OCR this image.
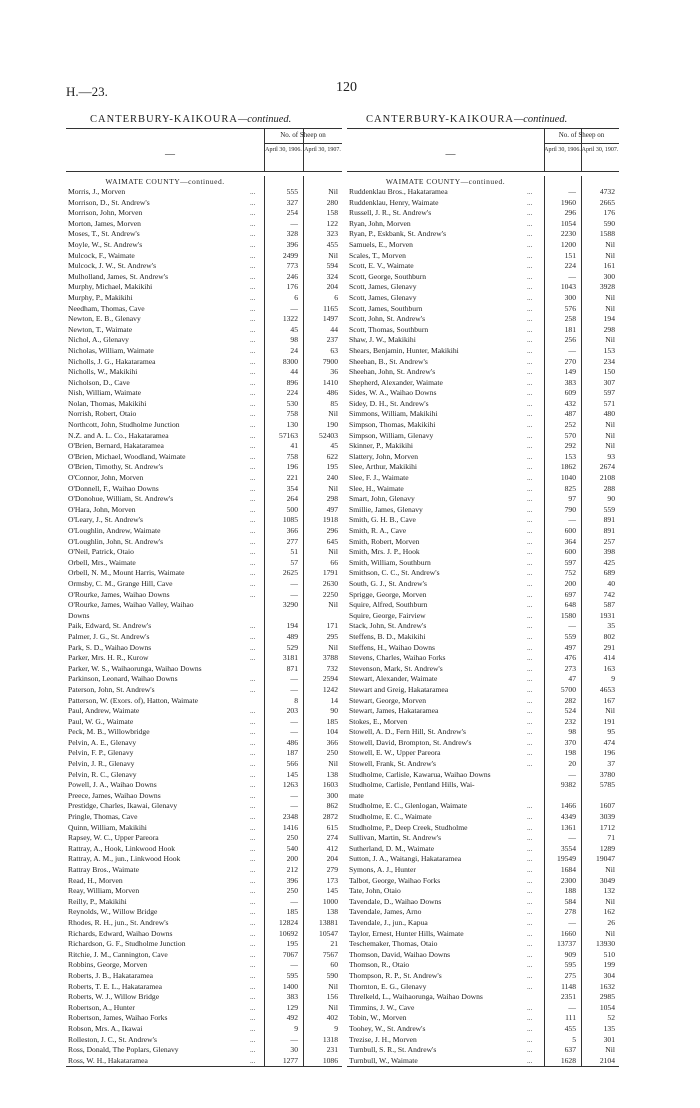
H.—23.	120
CANTERBURY-KAIKOURA—continued.	CANTERBURY-KAIKOURA—continued.
No. of Sheep on
—	April 30, 1906. April 30, 1907.
WAIMATE COUNTY—continued.
Morris, J., Morven	...	555	Nil
Morrison, D., St. Andrew's	...	327	280
Morrison, John, Morven	...	254	158
Morton, James, Morven	...	—	122
Moses, T., St. Andrew's	...	328	323
Moyle, W., St. Andrew's	...	396	455
Mulcock, F., Waimate	...	2499	Nil
Mulcock, J. W., St. Andrew's	...	773	594
Mulholland, James, St. Andrew's	...	246	324
Murphy, Michael, Makikihi	...	176	204
Murphy, P., Makikihi	...	6	6
Needham, Thomas, Cave	...	—	1165
Newton, E. B., Glenavy	...	1322	1497
Newton, T., Waimate	...	45	44
Nichol, A., Glenavy	...	98	237
Nicholas, William, Waimate	...	24	63
Nicholls, J. G., Hakataramea	...	8300	7900
Nicholls, W., Makikihi	...	44	36
Nicholson, D., Cave	...	896	1410
Nish, William, Waimate	...	224	486
Nolan, Thomas, Makikihi	...	530	85
Norrish, Robert, Otaio	...	758	Nil
Northcott, John, Studholme Junction	...	130	190
N.Z. and A. L. Co., Hakataramea	...	57163	52403
O'Brien, Bernard, Hakataramea	...	41	45
O'Brien, Michael, Woodland, Waimate	...	758	622
O'Brien, Timothy, St. Andrew's	...	196	195
O'Connor, John, Morven	...	221	240
O'Donnell, F., Waihao Downs	...	354	Nil
O'Donohue, William, St. Andrew's	...	264	298
O'Hara, John, Morven	...	500	497
O'Leary, J., St. Andrew's	...	1085	1918
O'Loughlin, Andrew, Waimate	...	366	296
O'Loughlin, John, St. Andrew's	...	277	645
O'Neil, Patrick, Otaio	...	51	Nil
Orbell, Mrs., Waimate	...	57	66
Orbell, N. M., Mount Harris, Waimate	...	2625	1791
Ormsby, C. M., Grange Hill, Cave	...	—	2630
O'Rourke, James, Waihao Downs	...	—	2250
O'Rourke, James, Waihao Valley, Waihao	3290	Nil
Downs
Paik, Edward, St. Andrew's	...	194	171
Palmer, J. G., St. Andrew's	...	489	295
Park, S. D., Waihao Downs	...	529	Nil
Parker, Mrs. H. R., Kurow	...	3181	3788
Parker, W. S., Waihaorunga, Waihao Downs	871	732
Parkinson, Leonard, Waihao Downs	...	—	2594
Paterson, John, St. Andrew's	...	—	1242
Patterson, W. (Exors. of), Hatton, Waimate	8	14
Paul, Andrew, Waimate	...	203	90
Paul, W. G., Waimate	...	—	185
Peck, M. B., Willowbridge	...	—	104
Pelvin, A. E., Glenavy	...	486	366
Pelvin, F. P., Glenavy	...	187	250
Pelvin, J. R., Glenavy	...	566	Nil
Pelvin, R. C., Glenavy	...	145	138
Powell, J. A., Waihao Downs	...	1263	1603
Preece, James, Waihao Downs	...	—	300
Prestidge, Charles, Ikawai, Glenavy	...	—	862
Pringle, Thomas, Cave	...	2348	2872
Quinn, William, Makikihi	...	1416	615
Rapsey, W. C., Upper Pareora	...	250	274
Rattray, A., Hook, Linkwood Hook	...	540	412
Rattray, A. M., jun., Linkwood Hook	...	200	204
Rattray Bros., Waimate	...	212	279
Read, H., Morven	...	396	173
Reay, William, Morven	...	250	145
Reilly, P., Makikihi	...	—	1000
Reynolds, W., Willow Bridge	...	185	138
Rhodes, R. H., jun., St. Andrew's	...	12824	13881
Richards, Edward, Waihao Downs	...	10692	10547
Richardson, G. F., Studholme Junction	...	195	21
Ritchie, J. M., Cannington, Cave	...	7067	7567
Robbins, George, Morven	...	—	60
Roberts, J. B., Hakataramea	...	595	590
Roberts, T. E. L., Hakataramea	...	1400	Nil
Roberts, W. J., Willow Bridge	...	383	156
Robertson, A., Hunter	...	129	Nil
Robertson, James, Waihao Forks	...	492	402
Robson, Mrs. A., Ikawai	...	9	9
Rolleston, J. C., St. Andrew's	...	—	1318
Ross, Donald, The Poplars, Glenavy	...	30	231
Ross, W. H., Hakataramea	...	1277	1086
No. of Sheep on
—	April 30, 1906. April 30, 1907.
WAIMATE COUNTY—continued.
Ruddenklau Bros., Hakataramea	...	—	4732
Ruddenklau, Henry, Waimate	...	1960	2665
Russell, J. R., St. Andrew's	...	296	176
Ryan, John, Morven	...	1054	590
Ryan, P., Eskbank, St. Andrew's	...	2230	1588
Samuels, E., Morven	...	1200	Nil
Scales, T., Morven	...	151	Nil
Scott, E. V., Waimate	...	224	161
Scott, George, Southburn	...	—	300
Scott, James, Glenavy	...	1043	3928
Scott, James, Glenavy	...	300	Nil
Scott, James, Southburn	...	576	Nil
Scott, John, St. Andrew's	...	258	194
Scott, Thomas, Southburn	...	181	298
Shaw, J. W., Makikihi	...	256	Nil
Shears, Benjamin, Hunter, Makikihi	...	—	153
Sheehan, B., St. Andrew's	...	270	234
Sheehan, John, St. Andrew's	...	149	150
Shepherd, Alexander, Waimate	...	383	307
Sides, W. A., Waihao Downs	...	609	597
Sidey, D. H., St. Andrew's	...	432	571
Simmons, William, Makikihi	...	487	480
Simpson, Thomas, Makikihi	...	252	Nil
Simpson, William, Glenavy	...	570	Nil
Skinner, P., Makikihi	...	292	Nil
Slattery, John, Morven	...	153	93
Slee, Arthur, Makikihi	...	1862	2674
Slee, F. J., Waimate	...	1040	2108
Slee, H., Waimate	...	825	288
Smart, John, Glenavy	...	97	90
Smillie, James, Glenavy	...	790	559
Smith, G. H. B., Cave	...	—	891
Smith, R. A., Cave	...	600	891
Smith, Robert, Morven	...	364	257
Smith, Mrs. J. P., Hook	...	600	398
Smith, William, Southburn	...	597	425
Smithson, C. C., St. Andrew's	...	752	689
South, G. J., St. Andrew's	...	200	40
Sprigge, George, Morven	...	697	742
Squire, Alfred, Southburn	...	648	587
Squire, George, Fairview	...	1580	1931
Stack, John, St. Andrew's	...	—	35
Steffens, B. D., Makikihi	...	559	802
Steffens, H., Waihao Downs	...	497	291
Stevens, Charles, Waihao Forks	...	476	414
Stevenson, Mark, St. Andrew's	...	273	163
Stewart, Alexander, Waimate	...	47	9
Stewart and Greig, Hakataramea	...	5700	4653
Stewart, George, Morven	...	282	167
Stewart, James, Hakataramea	...	524	Nil
Stokes, E., Morven	...	232	191
Stowell, A. D., Fern Hill, St. Andrew's	...	98	95
Stowell, David, Brompton, St. Andrew's	...	370	474
Stowell, E. W., Upper Pareora	...	198	196
Stowell, Frank, St. Andrew's	...	20	37
Studholme, Carlisle, Kawarua, Waihao Downs	—	3780
Studholme, Carlisle, Pentland Hills, Wai-	9382	5785
mate
Studholme, E. C., Glenlogan, Waimate	...	1466	1607
Studholme, E. C., Waimate	...	4349	3039
Studholme, P., Deep Creek, Studholme	...	1361	1712
Sullivan, Martin, St. Andrew's	...	—	71
Sutherland, D. M., Waimate	...	3554	1289
Sutton, J. A., Waitangi, Hakataramea	...	19549	19047
Symons, A. J., Hunter	...	1684	Nil
Talbot, George, Waihao Forks	...	2300	3049
Tate, John, Otaio	...	188	132
Tavendale, D., Waihao Downs	...	584	Nil
Tavendale, James, Arno	...	278	162
Tavendale, J., jun., Kapua	...	—	26
Taylor, Ernest, Hunter Hills, Waimate	...	1660	Nil
Teschemaker, Thomas, Otaio	...	13737	13930
Thomson, David, Waihao Downs	...	909	510
Thomson, R., Otaio	...	595	199
Thompson, R. P., St. Andrew's	...	275	304
Thornton, E. G., Glenavy	...	1148	1632
Threlkeld, L., Waihaorunga, Waihao Downs	2351	2985
Timmins, J. W., Cave	...	—	1054
Tobin, W., Morven	...	111	52
Toohey, W., St. Andrew's	...	455	135
Trezise, J. H., Morven	...	5	301
Turnbull, S. R., St. Andrew's	...	637	Nil
Turnbull, W., Waimate	...	1628	2104
